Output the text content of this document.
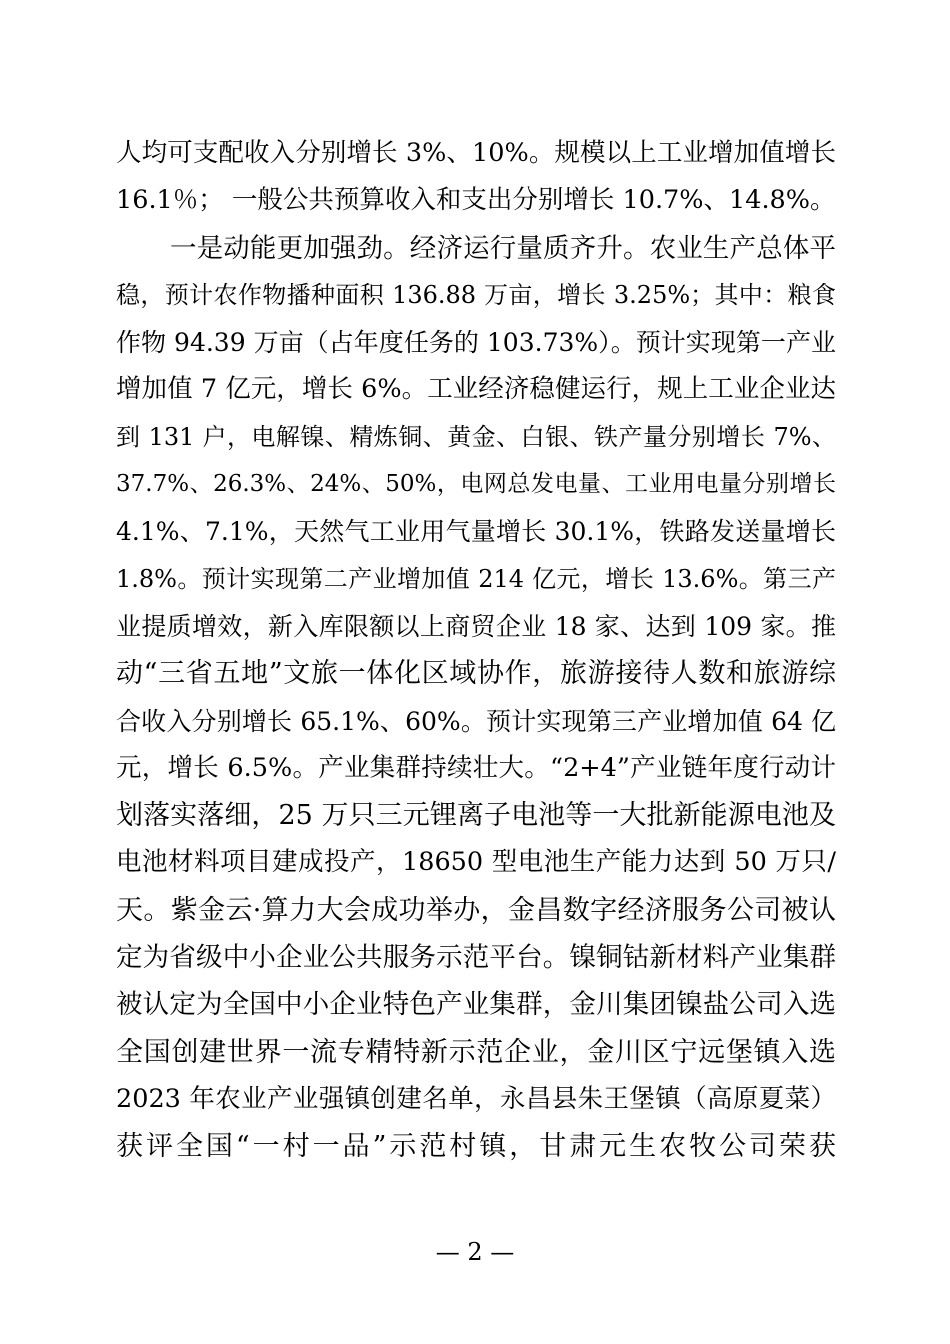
人均可支配收入分别增长 3%、10%。规模以上工业增加值增长
16.1％； 一般公共预算收入和支出分别增长 10.7%、14.8%。
一是动能更加强劲。经济运行量质齐升。农业生产总体平
稳，预计农作物播种面积 136.88 万亩，增长 3.25%；其中：粮食
作物 94.39 万亩（占年度任务的 103.73%）。预计实现第一产业
增加值 7 亿元，增长 6%。工业经济稳健运行，规上工业企业达
到 131 户，电解镍、精炼铜、黄金、白银、铁产量分别增长 7%、
37.7%、26.3%、24%、50%，电网总发电量、工业用电量分别增长
4.1%、7.1%，天然气工业用气量增长 30.1%，铁路发送量增长
1.8%。预计实现第二产业增加值 214 亿元，增长 13.6%。第三产
业提质增效，新入库限额以上商贸企业 18 家、达到 109 家。推
动“三省五地”文旅一体化区域协作，旅游接待人数和旅游综
合收入分别增长 65.1%、60%。预计实现第三产业增加值 64 亿
元，增长 6.5%。产业集群持续壮大。“2+4”产业链年度行动计
划落实落细，25 万只三元锂离子电池等一大批新能源电池及
电池材料项目建成投产，18650 型电池生产能力达到 50 万只/
天。紫金云·算力大会成功举办，金昌数字经济服务公司被认
定为省级中小企业公共服务示范平台。镍铜钴新材料产业集群
被认定为全国中小企业特色产业集群，金川集团镍盐公司入选
全国创建世界一流专精特新示范企业，金川区宁远堡镇入选
2023 年农业产业强镇创建名单，永昌县朱王堡镇（高原夏菜）
获评全国“一村一品”示范村镇，甘肃元生农牧公司荣获
— 2 —
